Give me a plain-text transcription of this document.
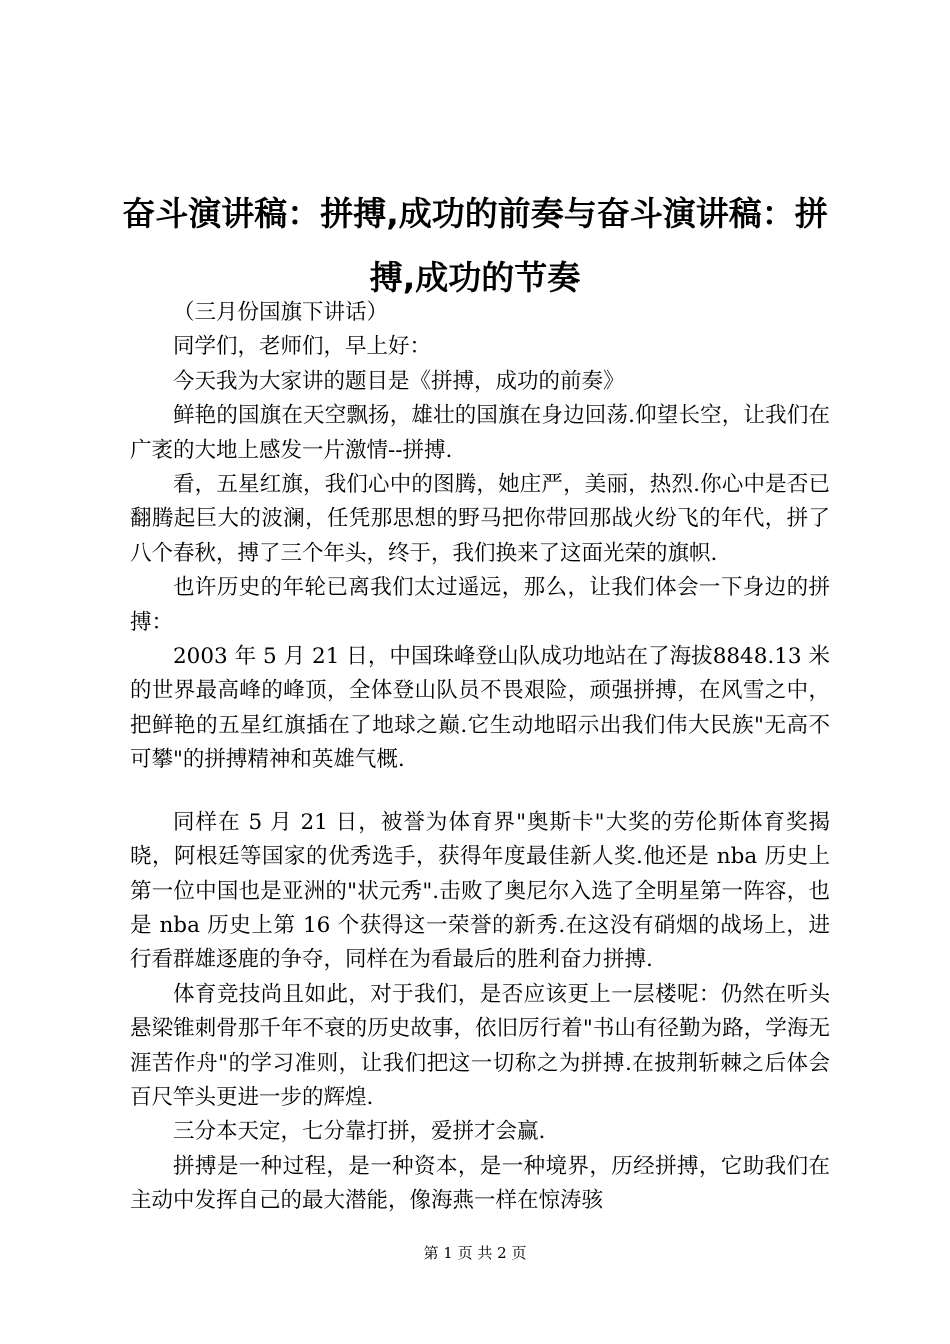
奋斗演讲稿：拼搏,成功的前奏与奋斗演讲稿：拼搏,成功的节奏

（三月份国旗下讲话）

同学们，老师们，早上好：

今天我为大家讲的题目是《拼搏，成功的前奏》

鲜艳的国旗在天空飘扬，雄壮的国旗在身边回荡.仰望长空，让我们在广袤的大地上感发一片激情--拼搏.

看，五星红旗，我们心中的图腾，她庄严，美丽，热烈.你心中是否已翻腾起巨大的波澜，任凭那思想的野马把你带回那战火纷飞的年代，拼了八个春秋，搏了三个年头，终于，我们换来了这面光荣的旗帜.

也许历史的年轮已离我们太过遥远，那么，让我们体会一下身边的拼搏：

2003 年 5 月 21 日，中国珠峰登山队成功地站在了海拔8848.13 米的世界最高峰的峰顶，全体登山队员不畏艰险，顽强拼搏，在风雪之中，把鲜艳的五星红旗插在了地球之巅.它生动地昭示出我们伟大民族"无高不可攀"的拼搏精神和英雄气概.

同样在 5 月 21 日，被誉为体育界"奥斯卡"大奖的劳伦斯体育奖揭晓，阿根廷等国家的优秀选手，获得年度最佳新人奖.他还是 nba 历史上第一位中国也是亚洲的"状元秀".击败了奥尼尔入选了全明星第一阵容，也是 nba 历史上第 16 个获得这一荣誉的新秀.在这没有硝烟的战场上，进行看群雄逐鹿的争夺，同样在为看最后的胜利奋力拼搏.

体育竞技尚且如此，对于我们，是否应该更上一层楼呢：仍然在听头悬梁锥刺骨那千年不衰的历史故事，依旧厉行着"书山有径勤为路，学海无涯苦作舟"的学习准则，让我们把这一切称之为拼搏.在披荆斩棘之后体会百尺竿头更进一步的辉煌.

三分本天定，七分靠打拼，爱拼才会赢.

拼搏是一种过程，是一种资本，是一种境界，历经拼搏，它助我们在主动中发挥自己的最大潜能，像海燕一样在惊涛骇

第 1 页 共 2 页
